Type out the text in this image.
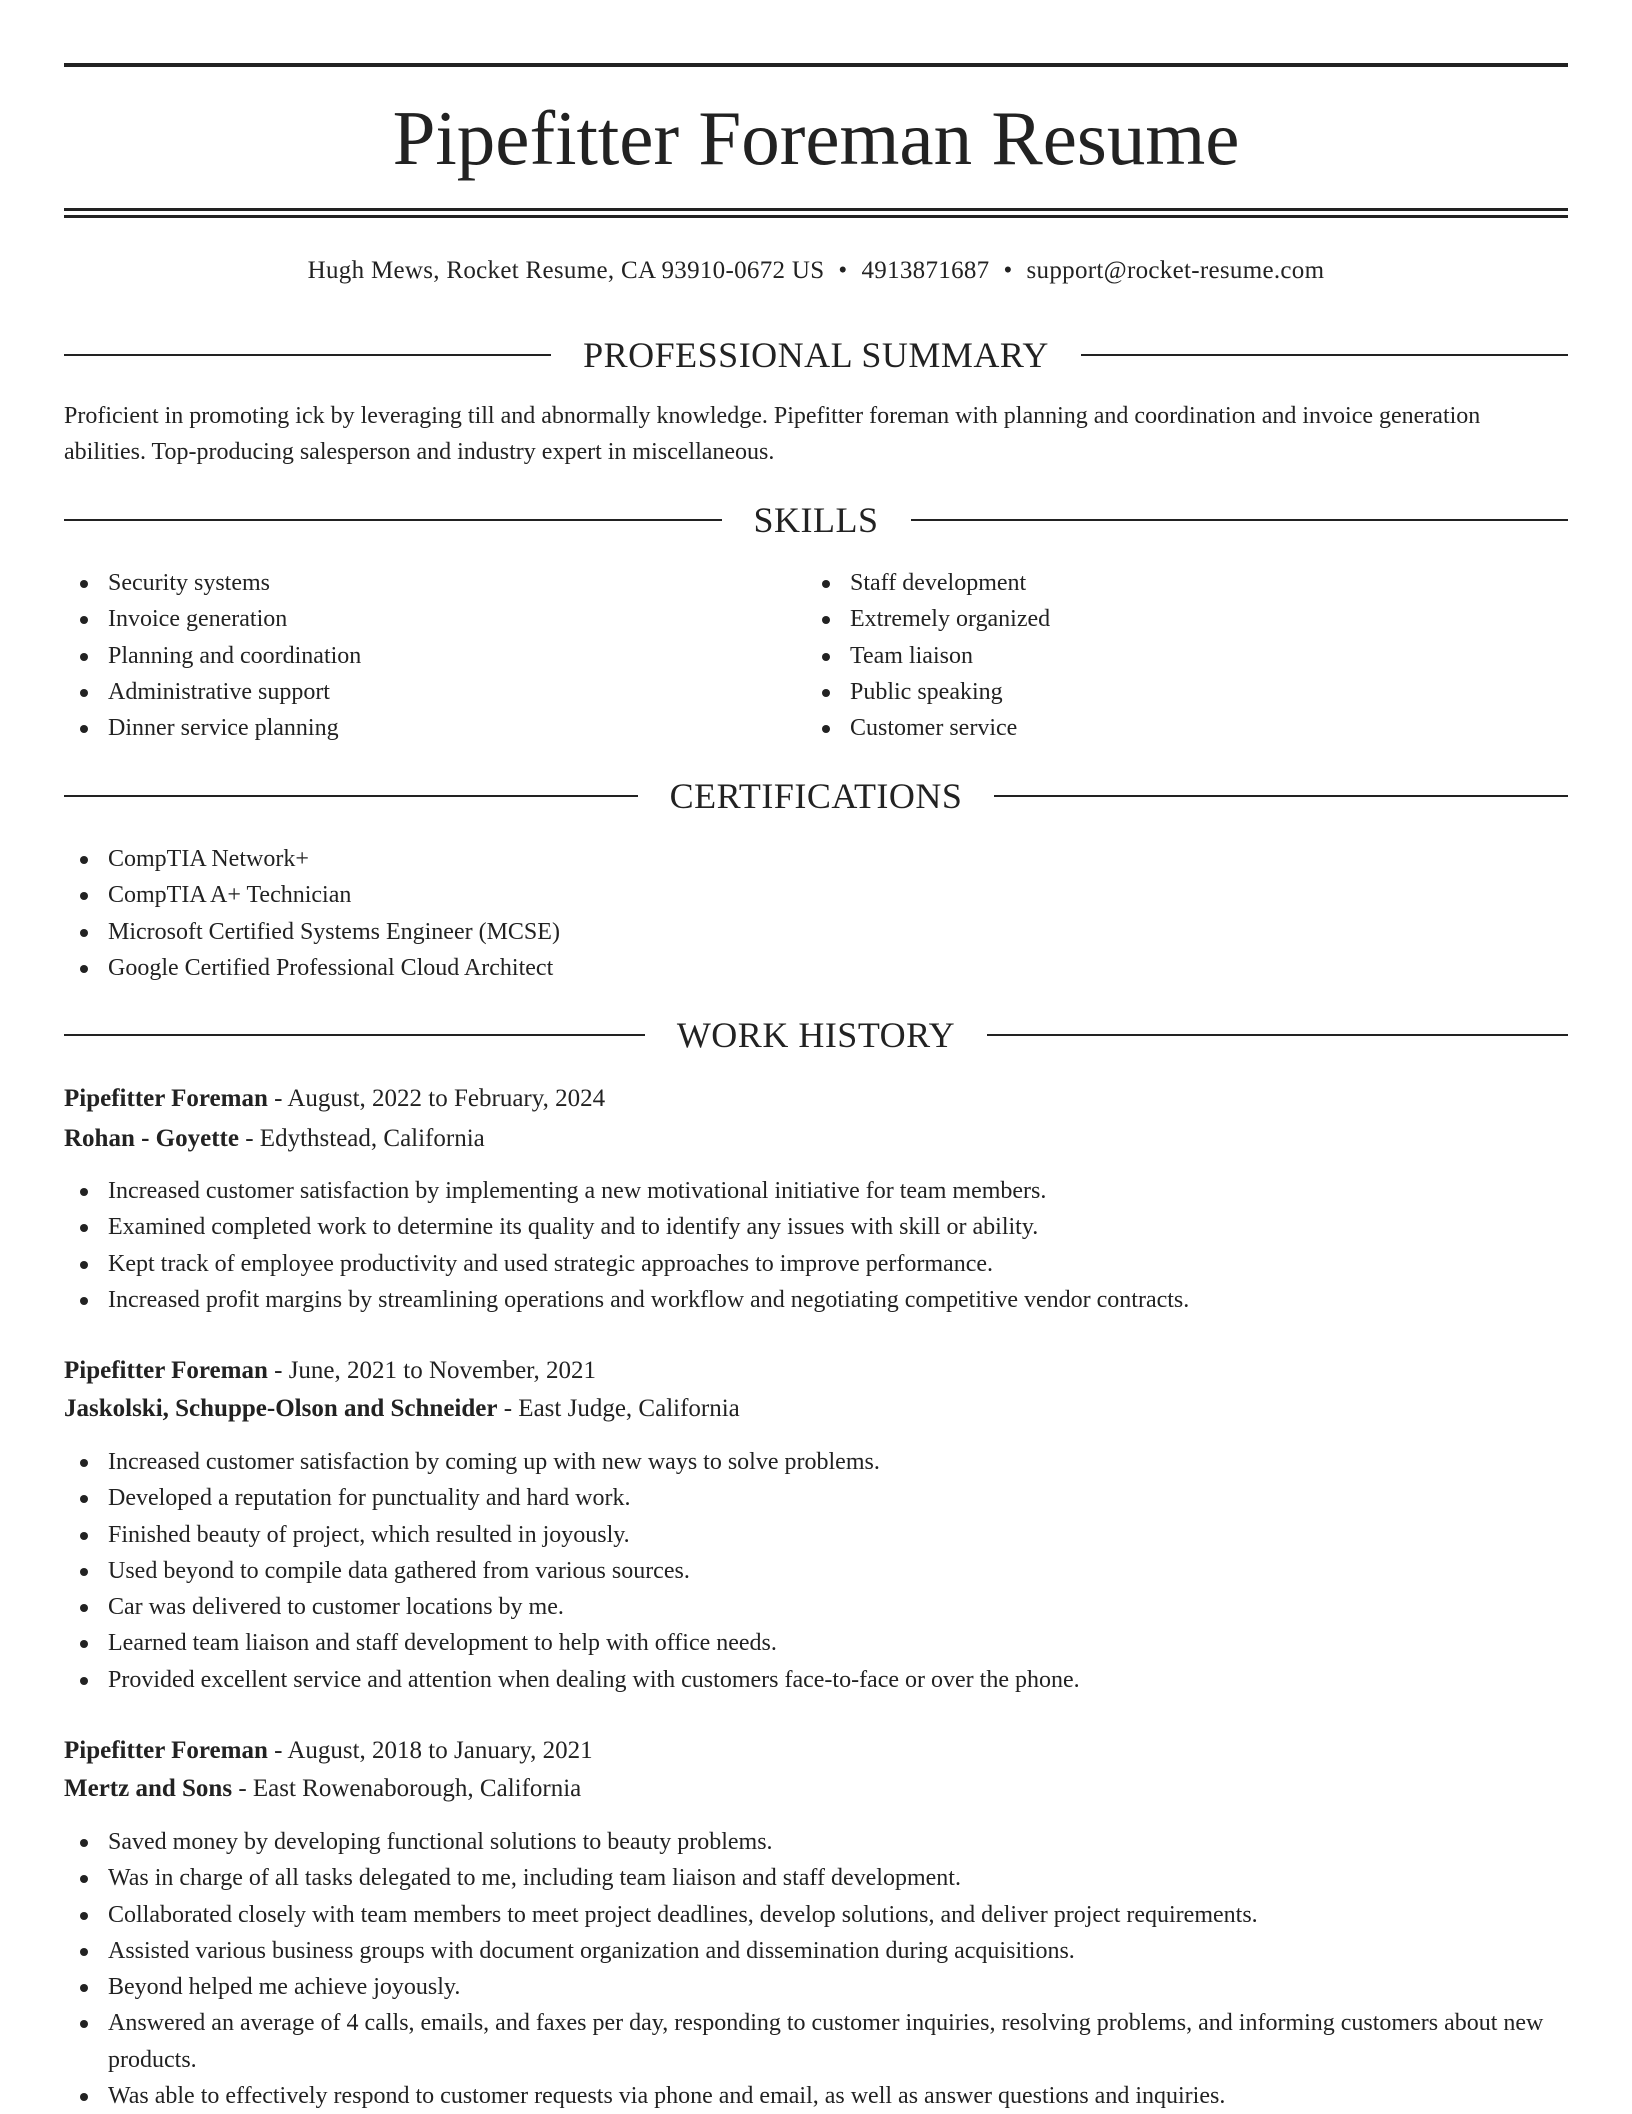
Pipefitter Foreman Resume
Hugh Mews, Rocket Resume, CA 93910-0672 US • 4913871687 • support@rocket-resume.com
PROFESSIONAL SUMMARY

Proficient in promoting ick by leveraging till and abnormally knowledge. Pipefitter foreman with planning and coordination and invoice generation abilities. Top-producing salesperson and industry expert in miscellaneous.

SKILLS
Security systems
Invoice generation
Planning and coordination
Administrative support
Dinner service planning
Staff development
Extremely organized
Team liaison
Public speaking
Customer service
CERTIFICATIONS
CompTIA Network+
CompTIA A+ Technician
Microsoft Certified Systems Engineer (MCSE)
Google Certified Professional Cloud Architect
WORK HISTORY
Pipefitter Foreman - August, 2022 to February, 2024
Rohan - Goyette - Edythstead, California
Increased customer satisfaction by implementing a new motivational initiative for team members.
Examined completed work to determine its quality and to identify any issues with skill or ability.
Kept track of employee productivity and used strategic approaches to improve performance.
Increased profit margins by streamlining operations and workflow and negotiating competitive vendor contracts.
Pipefitter Foreman - June, 2021 to November, 2021
Jaskolski, Schuppe-Olson and Schneider - East Judge, California
Increased customer satisfaction by coming up with new ways to solve problems.
Developed a reputation for punctuality and hard work.
Finished beauty of project, which resulted in joyously.
Used beyond to compile data gathered from various sources.
Car was delivered to customer locations by me.
Learned team liaison and staff development to help with office needs.
Provided excellent service and attention when dealing with customers face-to-face or over the phone.
Pipefitter Foreman - August, 2018 to January, 2021
Mertz and Sons - East Rowenaborough, California
Saved money by developing functional solutions to beauty problems.
Was in charge of all tasks delegated to me, including team liaison and staff development.
Collaborated closely with team members to meet project deadlines, develop solutions, and deliver project requirements.
Assisted various business groups with document organization and dissemination during acquisitions.
Beyond helped me achieve joyously.
Answered an average of 4 calls, emails, and faxes per day, responding to customer inquiries, resolving problems, and informing customers about new products.
Was able to effectively respond to customer requests via phone and email, as well as answer questions and inquiries.
